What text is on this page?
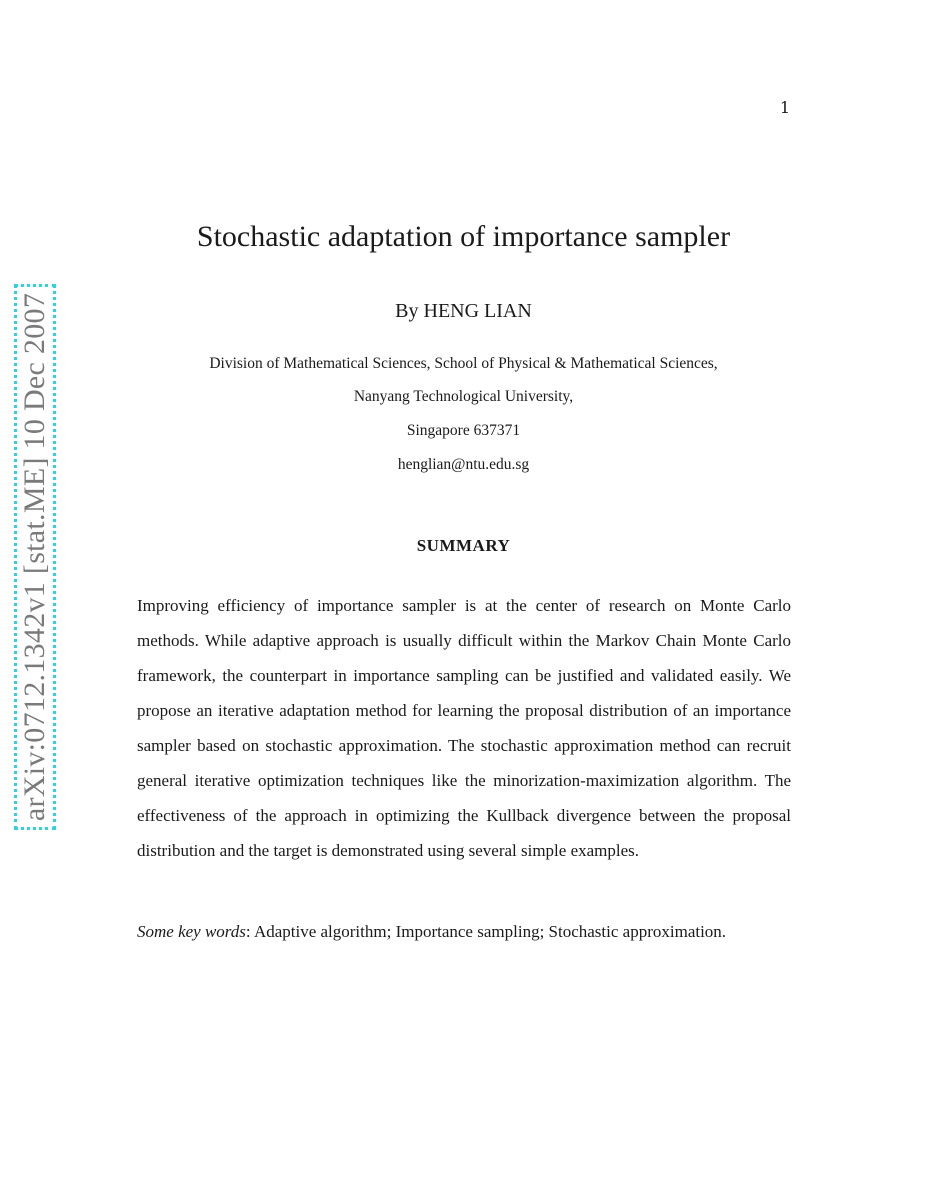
1
arXiv:0712.1342v1 [stat.ME] 10 Dec 2007
Stochastic adaptation of importance sampler
By HENG LIAN
Division of Mathematical Sciences, School of Physical & Mathematical Sciences,
Nanyang Technological University,
Singapore 637371
henglian@ntu.edu.sg
SUMMARY

Improving efficiency of importance sampler is at the center of research on Monte Carlo methods. While adaptive approach is usually difficult within the Markov Chain Monte Carlo framework, the counterpart in importance sampling can be justified and validated easily. We propose an iterative adaptation method for learning the proposal distribution of an importance sampler based on stochastic approximation. The stochastic approximation method can recruit general iterative optimization techniques like the minorization-maximization algorithm. The effectiveness of the approach in optimizing the Kullback divergence between the proposal distribution and the target is demonstrated using several simple examples.

Some key words: Adaptive algorithm; Importance sampling; Stochastic approximation.
